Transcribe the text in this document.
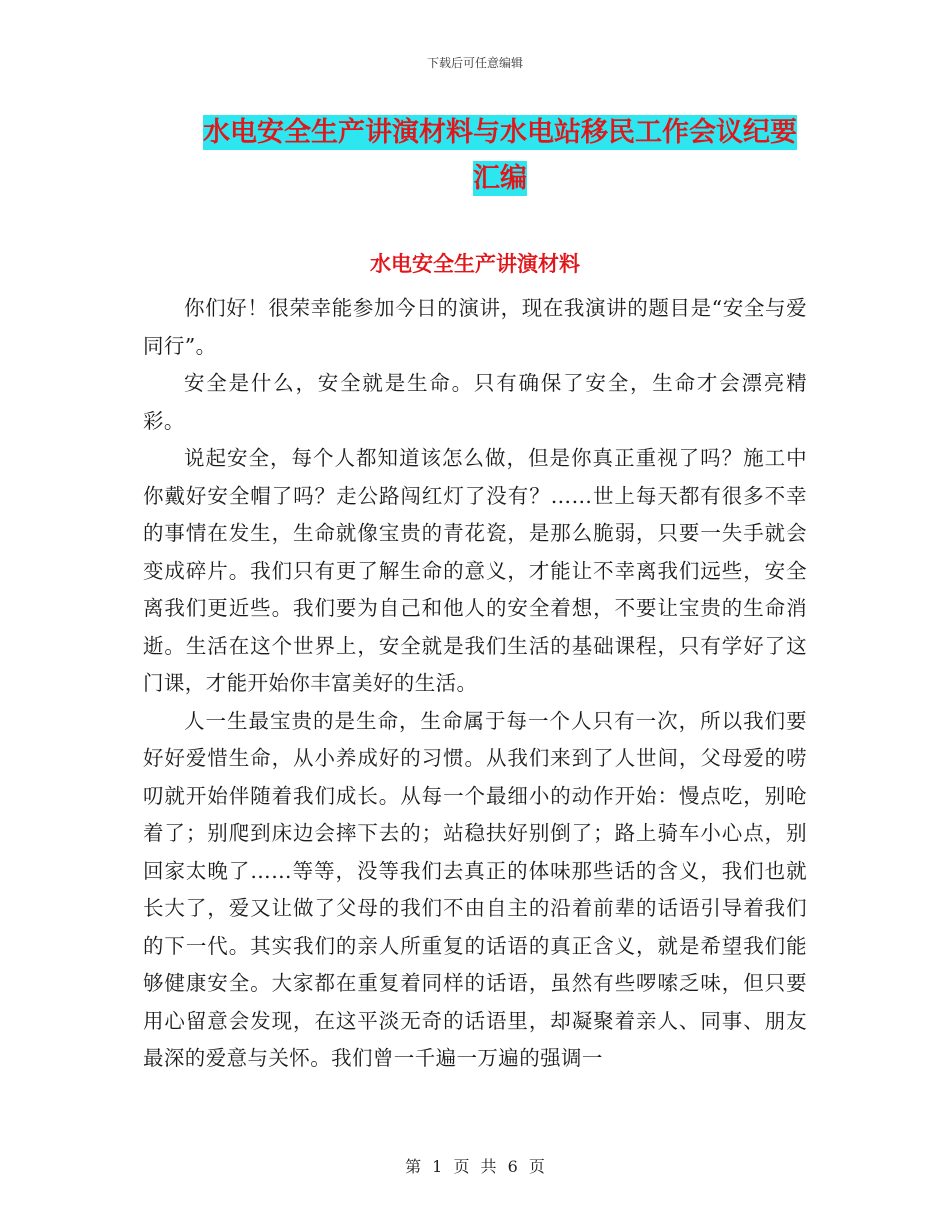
下载后可任意编辑
水电安全生产讲演材料与水电站移民工作会议纪要汇编
水电安全生产讲演材料

你们好！很荣幸能参加今日的演讲，现在我演讲的题目是“安全与爱同行”。

安全是什么，安全就是生命。只有确保了安全，生命才会漂亮精彩。

说起安全，每个人都知道该怎么做，但是你真正重视了吗？施工中你戴好安全帽了吗？走公路闯红灯了没有？……世上每天都有很多不幸的事情在发生，生命就像宝贵的青花瓷，是那么脆弱，只要一失手就会变成碎片。我们只有更了解生命的意义，才能让不幸离我们远些，安全离我们更近些。我们要为自己和他人的安全着想，不要让宝贵的生命消逝。生活在这个世界上，安全就是我们生活的基础课程，只有学好了这门课，才能开始你丰富美好的生活。

人一生最宝贵的是生命，生命属于每一个人只有一次，所以我们要好好爱惜生命，从小养成好的习惯。从我们来到了人世间，父母爱的唠叨就开始伴随着我们成长。从每一个最细小的动作开始：慢点吃，别呛着了；别爬到床边会摔下去的；站稳扶好别倒了；路上骑车小心点，别回家太晚了……等等，没等我们去真正的体味那些话的含义，我们也就长大了，爱又让做了父母的我们不由自主的沿着前辈的话语引导着我们的下一代。其实我们的亲人所重复的话语的真正含义，就是希望我们能够健康安全。大家都在重复着同样的话语，虽然有些啰嗦乏味，但只要用心留意会发现，在这平淡无奇的话语里，却凝聚着亲人、同事、朋友最深的爱意与关怀。我们曾一千遍一万遍的强调一

第 1 页 共 6 页
